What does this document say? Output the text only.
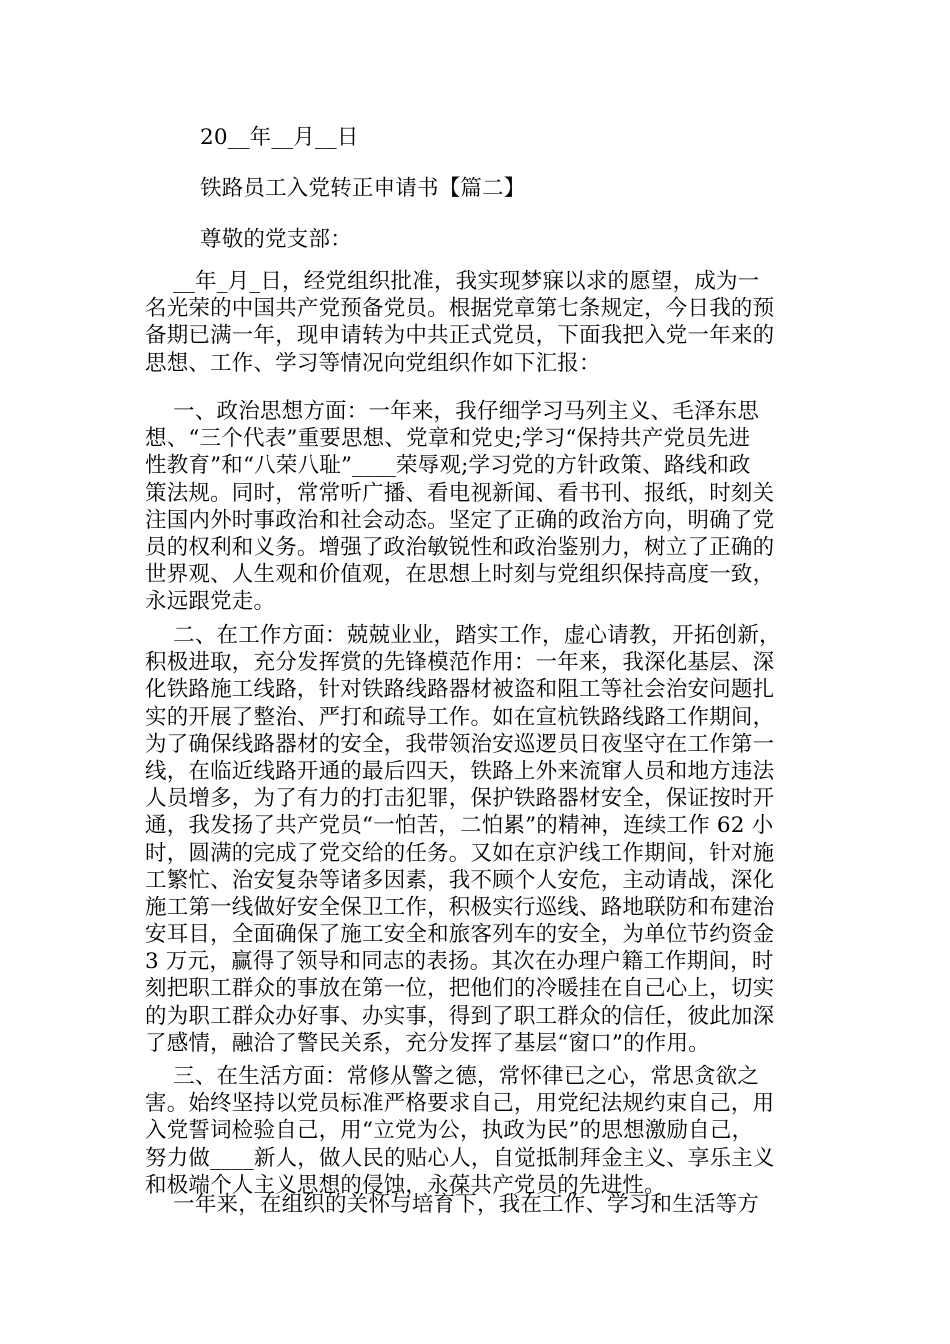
20__年__月__日

铁路员工入党转正申请书【篇二】

尊敬的党支部：

__年_月_日，经党组织批准，我实现梦寐以求的愿望，成为一
名光荣的中国共产党预备党员。根据党章第七条规定，今日我的预
备期已满一年，现申请转为中共正式党员，下面我把入党一年来的
思想、工作、学习等情况向党组织作如下汇报：

一、政治思想方面：一年来，我仔细学习马列主义、毛泽东思
想、“三个代表”重要思想、党章和党史;学习“保持共产党员先进
性教育”和“八荣八耻”____荣辱观;学习党的方针政策、路线和政
策法规。同时，常常听广播、看电视新闻、看书刊、报纸，时刻关
注国内外时事政治和社会动态。坚定了正确的政治方向，明确了党
员的权利和义务。增强了政治敏锐性和政治鉴别力，树立了正确的
世界观、人生观和价值观，在思想上时刻与党组织保持高度一致，
永远跟党走。

二、在工作方面：兢兢业业，踏实工作，虚心请教，开拓创新，
积极进取，充分发挥赏的先锋模范作用：一年来，我深化基层、深
化铁路施工线路，针对铁路线路器材被盗和阻工等社会治安问题扎
实的开展了整治、严打和疏导工作。如在宣杭铁路线路工作期间，
为了确保线路器材的安全，我带领治安巡逻员日夜坚守在工作第一
线，在临近线路开通的最后四天，铁路上外来流窜人员和地方违法
人员增多，为了有力的打击犯罪，保护铁路器材安全，保证按时开
通，我发扬了共产党员“一怕苦，二怕累”的精神，连续工作 62 小
时，圆满的完成了党交给的任务。又如在京沪线工作期间，针对施
工繁忙、治安复杂等诸多因素，我不顾个人安危，主动请战，深化
施工第一线做好安全保卫工作，积极实行巡线、路地联防和布建治
安耳目，全面确保了施工安全和旅客列车的安全，为单位节约资金
3 万元，赢得了领导和同志的表扬。其次在办理户籍工作期间，时
刻把职工群众的事放在第一位，把他们的冷暖挂在自己心上，切实
的为职工群众办好事、办实事，得到了职工群众的信任，彼此加深
了感情，融洽了警民关系，充分发挥了基层“窗口”的作用。

三、在生活方面：常修从警之德，常怀律已之心，常思贪欲之
害。始终坚持以党员标准严格要求自己，用党纪法规约束自己，用
入党誓词检验自己，用“立党为公，执政为民”的思想激励自己，
努力做____新人，做人民的贴心人，自觉抵制拜金主义、享乐主义
和极端个人主义思想的侵蚀，永葆共产党员的先进性。

一年来，在组织的关怀与培育下，我在工作、学习和生活等方
